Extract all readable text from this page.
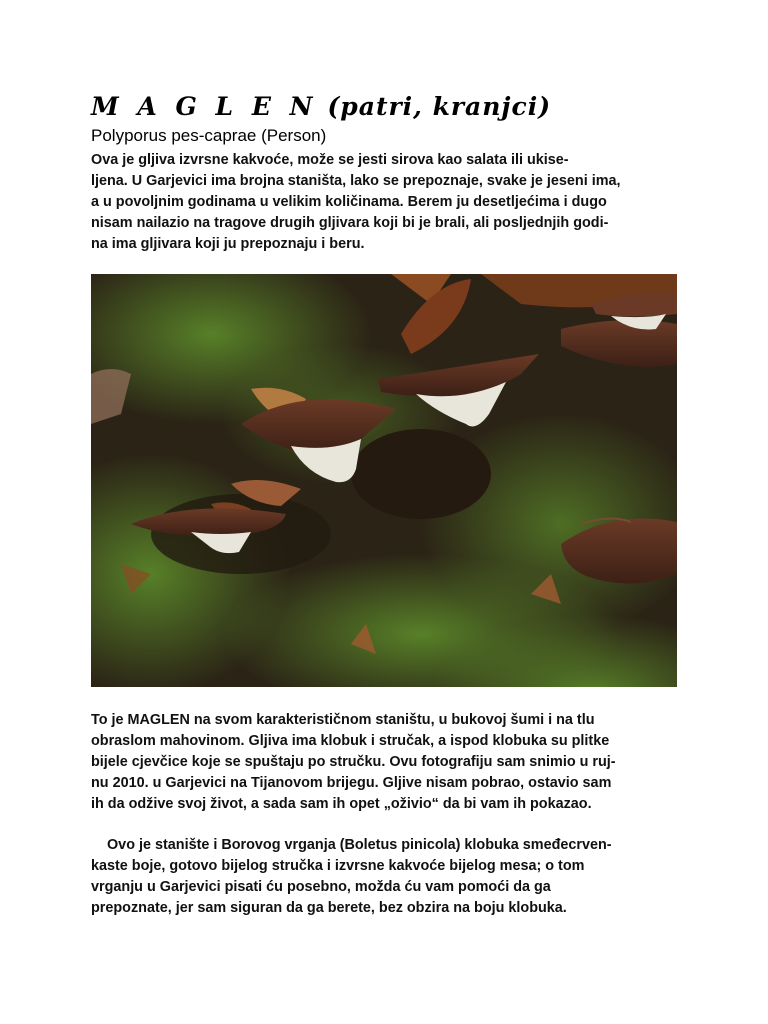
M A G L E N (patri, kranjci)
Polyporus pes-caprae (Person)

Ova je gljiva izvrsne kakvoće, može se jesti sirova kao salata ili ukise-
ljena. U Garjevici ima brojna staništa, lako se prepoznaje, svake je jeseni ima,
a u povoljnim godinama u velikim količinama. Berem ju desetljećima i dugo
nisam nailazio na tragove drugih gljivara koji bi je brali, ali posljednjih godi-
na ima gljivara koji ju prepoznaju i beru.

To je MAGLEN na svom karakterističnom staništu, u bukovoj šumi i na tlu
obraslom mahovinom. Gljiva ima klobuk i stručak, a ispod klobuka su plitke
bijele cjevčice koje se spuštaju po stručku. Ovu fotografiju sam snimio u ruj-
nu 2010. u Garjevici na Tijanovom brijegu. Gljive nisam pobrao, ostavio sam
ih da odžive svoj život, a sada sam ih opet „oživio“ da bi vam ih pokazao.

Ovo je stanište i Borovog vrganja (Boletus pinicola) klobuka smeđecrven-
kaste boje, gotovo bijelog stručka i izvrsne kakvoće bijelog mesa; o tom
vrganju u Garjevici pisati ću posebno, možda ću vam pomoći da ga
prepoznate, jer sam siguran da ga berete, bez obzira na boju klobuka.
